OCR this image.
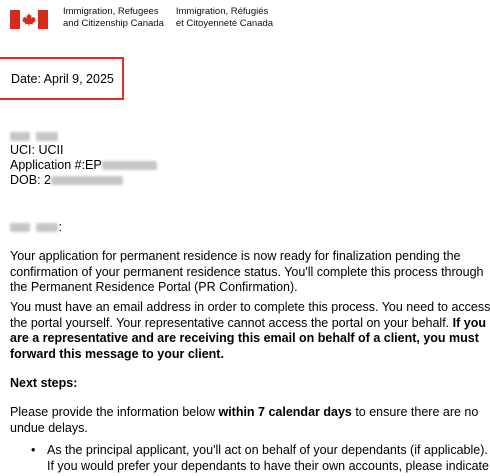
Immigration, Refugees
and Citizenship Canada
Immigration, Réfugiés
et Citoyenneté Canada
Date: April 9, 2025

UCI: UCII
Application #:EP
DOB: 2
:
Your application for permanent residence is now ready for finalization pending the
confirmation of your permanent residence status. You'll complete this process through
the Permanent Residence Portal (PR Confirmation).
You must have an email address in order to complete this process. You need to access
the portal yourself. Your representative cannot access the portal on your behalf. If you
are a representative and are receiving this email on behalf of a client, you must
forward this message to your client.
Next steps:
Please provide the information below within 7 calendar days to ensure there are no
undue delays.
• As the principal applicant, you'll act on behalf of your dependants (if applicable).
If you would prefer your dependants to have their own accounts, please indicate
